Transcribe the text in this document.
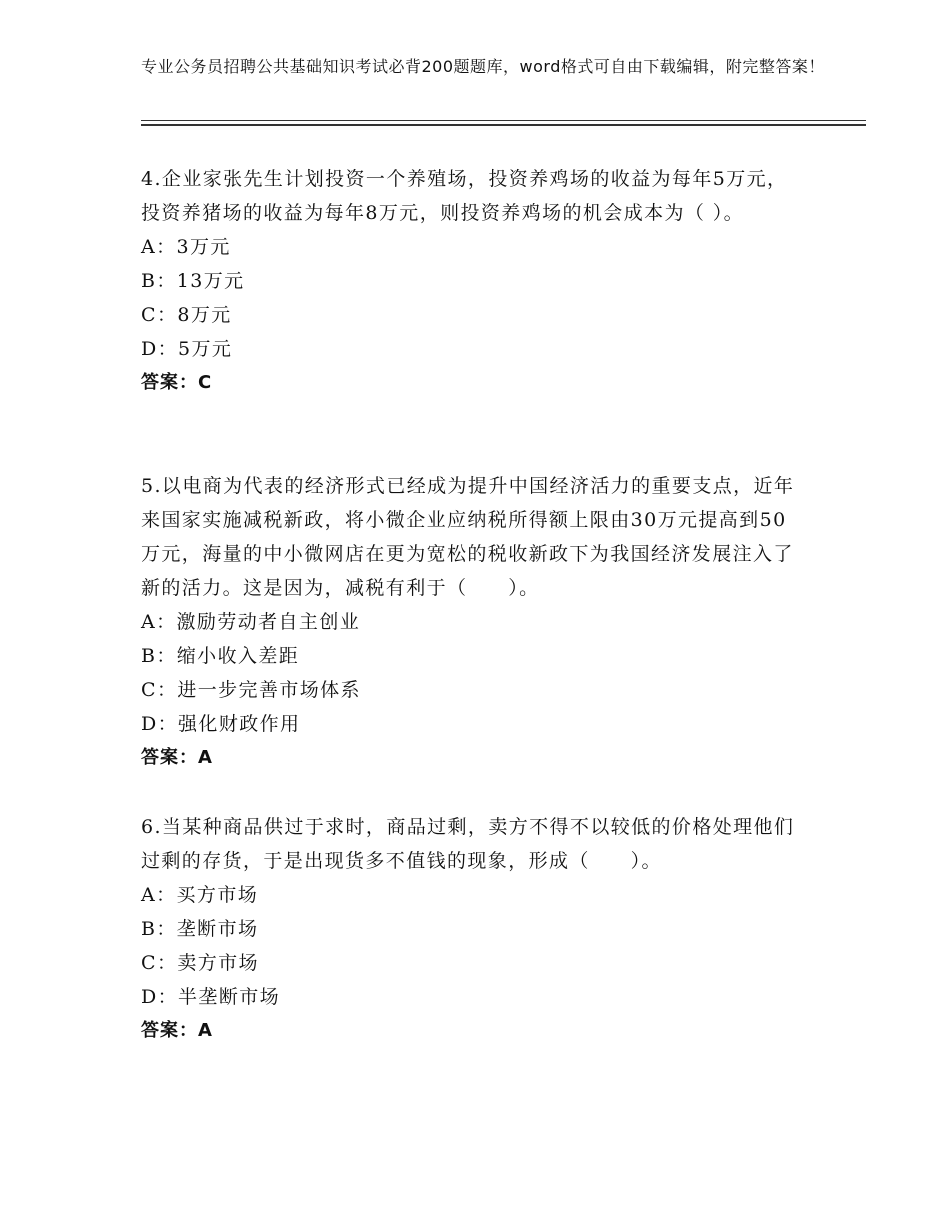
专业公务员招聘公共基础知识考试必背200题题库，word格式可自由下载编辑，附完整答案！

4.企业家张先生计划投资一个养殖场，投资养鸡场的收益为每年5万元，投资养猪场的收益为每年8万元，则投资养鸡场的机会成本为（ ）。

A：3万元

B：13万元

C：8万元

D：5万元

答案：C

5.以电商为代表的经济形式已经成为提升中国经济活力的重要支点，近年来国家实施减税新政，将小微企业应纳税所得额上限由30万元提高到50万元，海量的中小微网店在更为宽松的税收新政下为我国经济发展注入了新的活力。这是因为，减税有利于（　　）。

A：激励劳动者自主创业

B：缩小收入差距

C：进一步完善市场体系

D：强化财政作用

答案：A

6.当某种商品供过于求时，商品过剩，卖方不得不以较低的价格处理他们过剩的存货，于是出现货多不值钱的现象，形成（　　）。

A：买方市场

B：垄断市场

C：卖方市场

D：半垄断市场

答案：A
